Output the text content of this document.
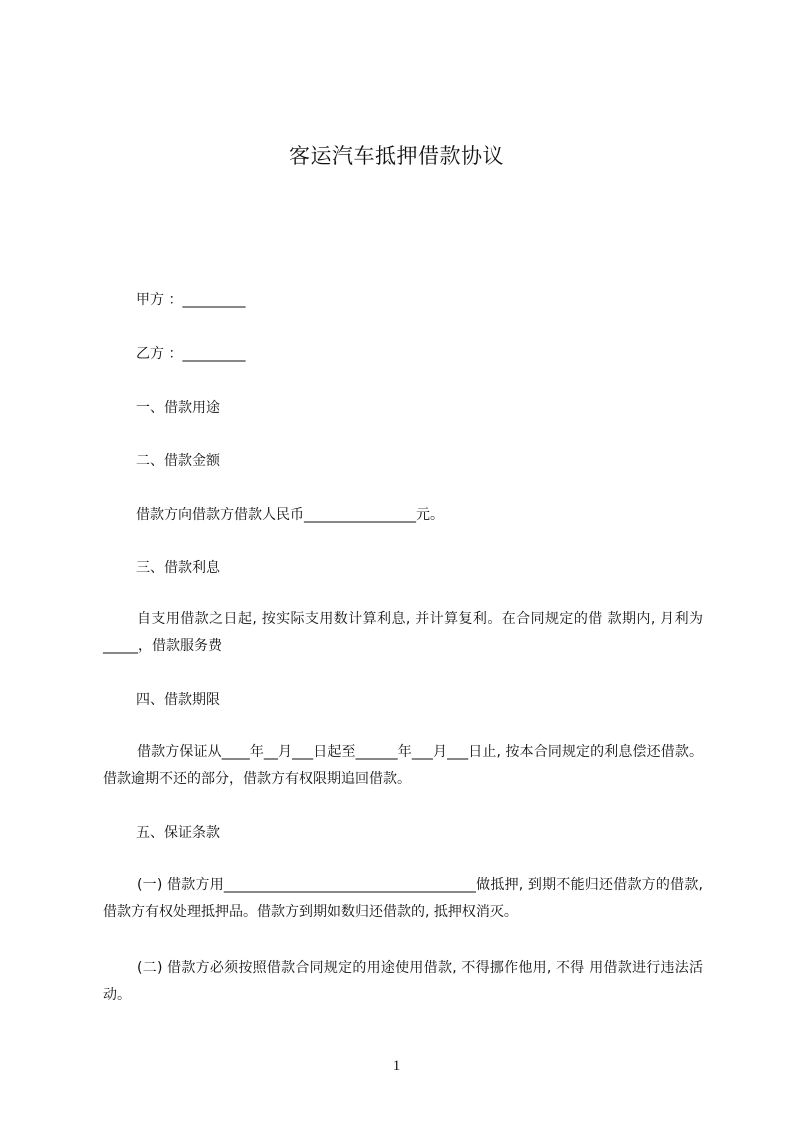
客运汽车抵押借款协议
甲方 ：_________
乙方 ：_________
一、借款用途
二、借款金额
借款方向借款方借款人民币________________元。
三、借款利息
自支用借款之日起, 按实际支用数计算利息, 并计算复利。在合同规定的借 款期内, 月利为_____，借款服务费
四、借款期限
借款方保证从____年__月___日起至______年___月___日止, 按本合同规定的利息偿还借款。借款逾期不还的部分，借款方有权限期追回借款。
五、保证条款
(一) 借款方用____________________________________做抵押, 到期不能归还借款方的借款, 借款方有权处理抵押品。借款方到期如数归还借款的, 抵押权消灭。
(二) 借款方必须按照借款合同规定的用途使用借款, 不得挪作他用, 不得 用借款进行违法活动。
1
